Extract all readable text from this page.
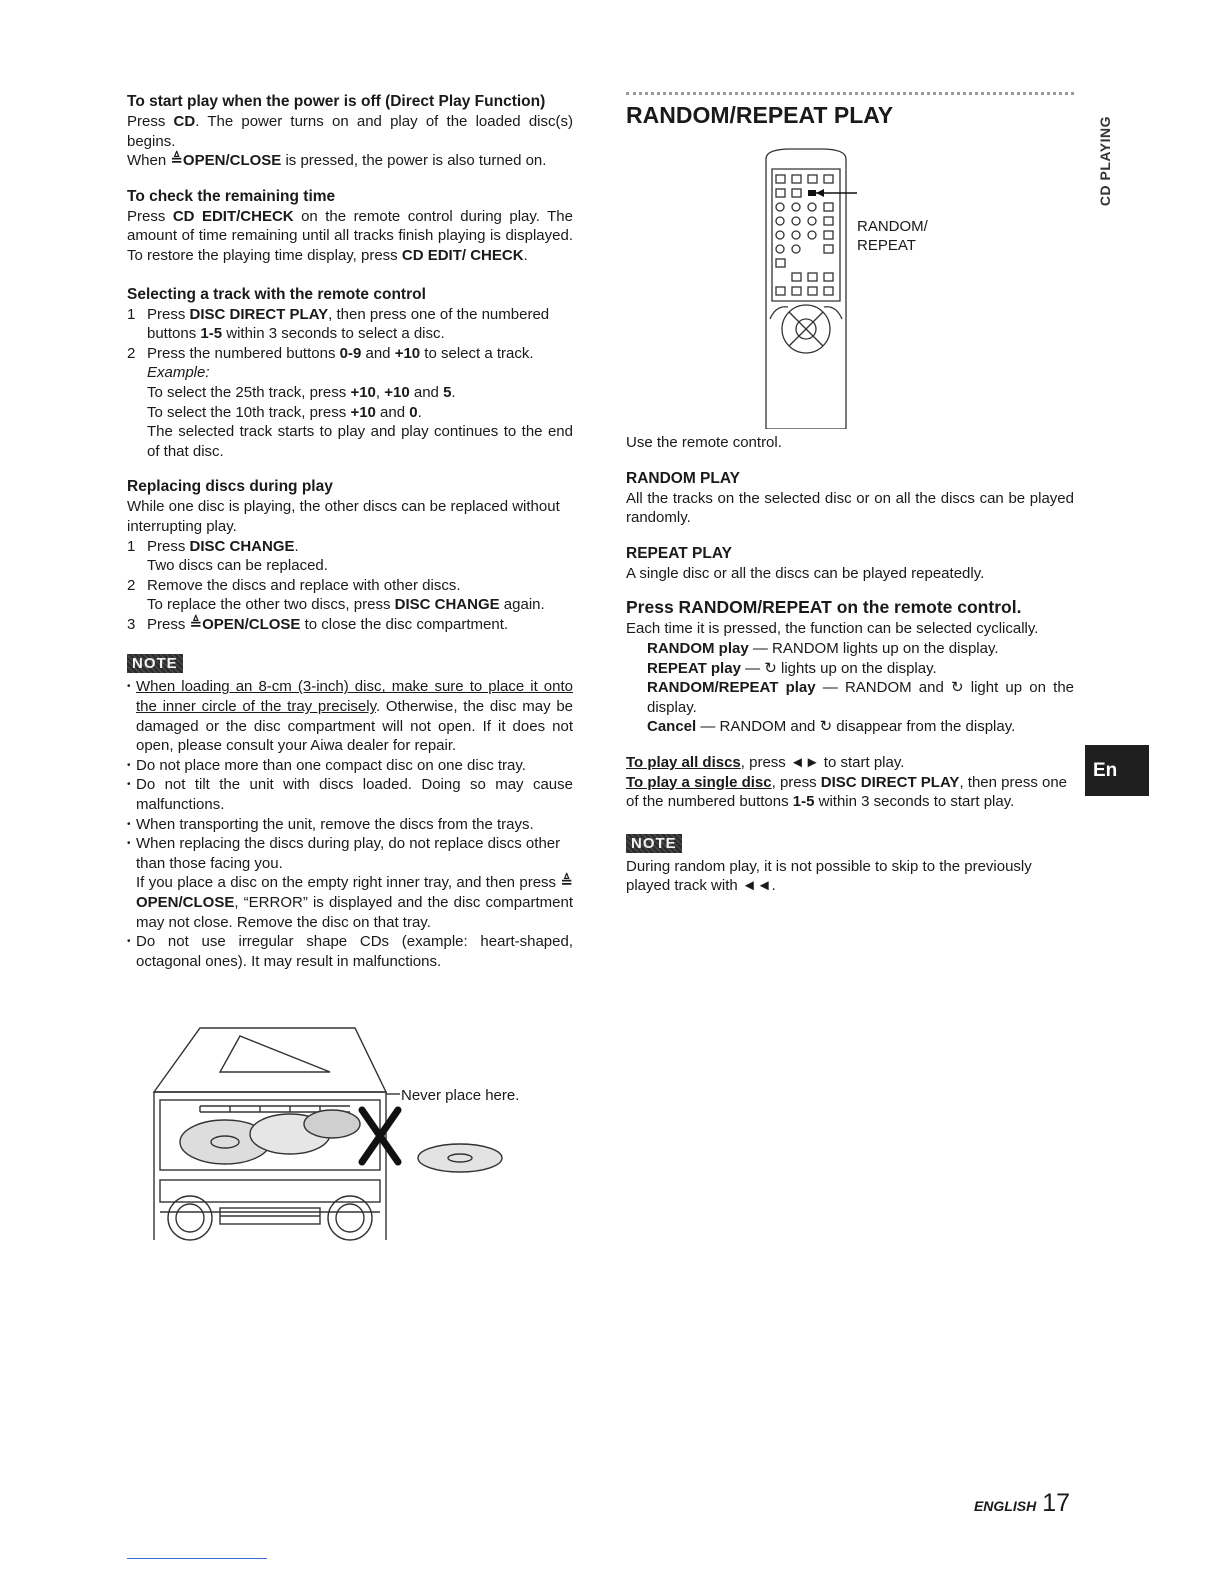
To start play when the power is off (Direct Play Function)

Press CD. The power turns on and play of the loaded disc(s) begins.

When ≜OPEN/CLOSE is pressed, the power is also turned on.

To check the remaining time

Press CD EDIT/CHECK on the remote control during play. The amount of time remaining until all tracks finish playing is displayed. To restore the playing time display, press CD EDIT/ CHECK.

Selecting a track with the remote control
1 Press DISC DIRECT PLAY, then press one of the numbered buttons 1-5 within 3 seconds to select a disc.
2 Press the numbered buttons 0-9 and +10 to select a track.
Example:
To select the 25th track, press +10, +10 and 5.
To select the 10th track, press +10 and 0.
The selected track starts to play and play continues to the end of that disc.
Replacing discs during play

While one disc is playing, the other discs can be replaced without interrupting play.

1 Press DISC CHANGE.
Two discs can be replaced.
2 Remove the discs and replace with other discs.
To replace the other two discs, press DISC CHANGE again.
3 Press ≜OPEN/CLOSE to close the disc compartment.
NOTE
• When loading an 8-cm (3-inch) disc, make sure to place it onto the inner circle of the tray precisely. Otherwise, the disc may be damaged or the disc compartment will not open. If it does not open, please consult your Aiwa dealer for repair.
• Do not place more than one compact disc on one disc tray.
• Do not tilt the unit with discs loaded. Doing so may cause malfunctions.
• When transporting the unit, remove the discs from the trays.
• When replacing the discs during play, do not replace discs other than those facing you.
If you place a disc on the empty right inner tray, and then press ≜ OPEN/CLOSE, “ERROR” is displayed and the disc compartment may not close. Remove the disc on that tray.
• Do not use irregular shape CDs (example: heart-shaped, octagonal ones). It may result in malfunctions.
Never place here.
RANDOM/REPEAT PLAY
RANDOM/
REPEAT

Use the remote control.

RANDOM PLAY

All the tracks on the selected disc or on all the discs can be played randomly.

REPEAT PLAY

A single disc or all the discs can be played repeatedly.

Press RANDOM/REPEAT on the remote control.

Each time it is pressed, the function can be selected cyclically.

RANDOM play — RANDOM lights up on the display.

REPEAT play — ↻ lights up on the display.

RANDOM/REPEAT play — RANDOM and ↻ light up on the display.

Cancel — RANDOM and ↻ disappear from the display.

To play all discs, press ◄► to start play.

To play a single disc, press DISC DIRECT PLAY, then press one of the numbered buttons 1-5 within 3 seconds to start play.

NOTE

During random play, it is not possible to skip to the previously played track with ◄◄.

CD PLAYING
En
ENGLISH 17
